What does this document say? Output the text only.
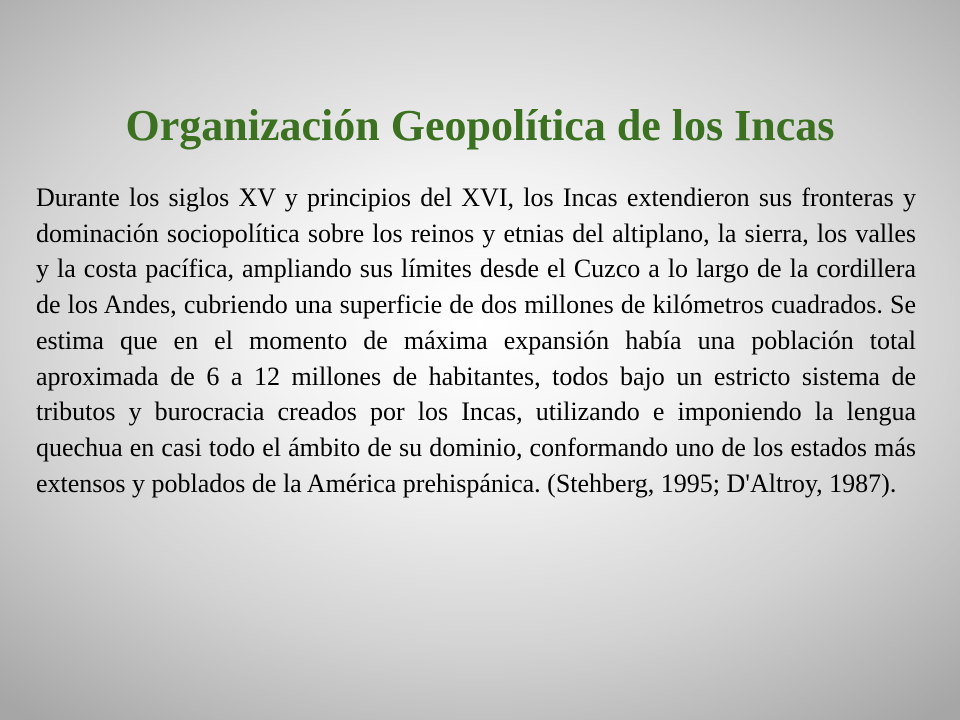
Organización Geopolítica de los Incas

Durante los siglos XV y principios del XVI, los Incas extendieron sus fronteras y dominación sociopolítica sobre los reinos y etnias del altiplano, la sierra, los valles y la costa pacífica, ampliando sus límites desde el Cuzco a lo largo de la cordillera de los Andes, cubriendo una superficie de dos millones de kilómetros cuadrados. Se estima que en el momento de máxima expansión había una población total aproximada de 6 a 12 millones de habitantes, todos bajo un estricto sistema de tributos y burocracia creados por los Incas, utilizando e imponiendo la lengua quechua en casi todo el ámbito de su dominio, conformando uno de los estados más extensos y poblados de la América prehispánica. (Stehberg, 1995; D'Altroy, 1987).
